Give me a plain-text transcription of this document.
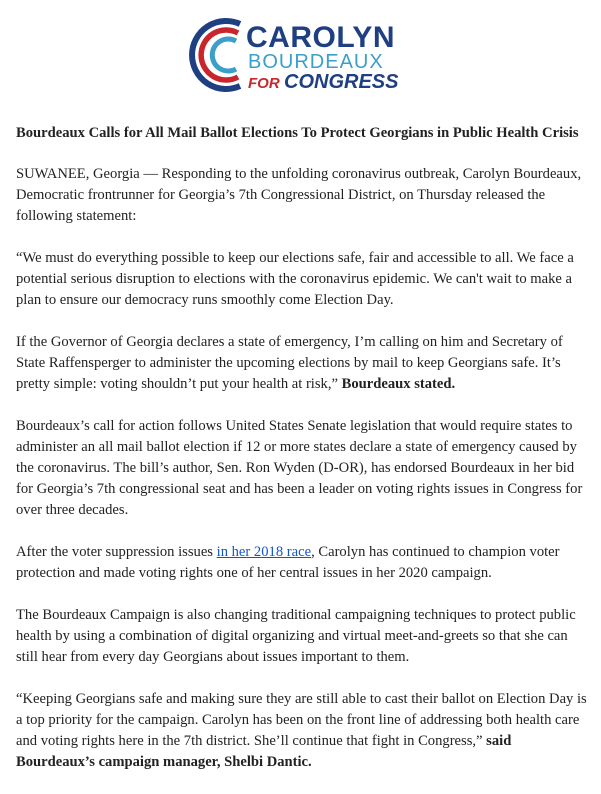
CAROLYN
BOURDEAUX
FOR CONGRESS
Bourdeaux Calls for All Mail Ballot Elections To Protect Georgians in Public Health Crisis

SUWANEE, Georgia — Responding to the unfolding coronavirus outbreak, Carolyn Bourdeaux, Democratic frontrunner for Georgia’s 7th Congressional District, on Thursday released the following statement:

“We must do everything possible to keep our elections safe, fair and accessible to all. We face a potential serious disruption to elections with the coronavirus epidemic. We can't wait to make a plan to ensure our democracy runs smoothly come Election Day.

If the Governor of Georgia declares a state of emergency, I’m calling on him and Secretary of State Raffensperger to administer the upcoming elections by mail to keep Georgians safe. It’s pretty simple: voting shouldn’t put your health at risk,” Bourdeaux stated.

Bourdeaux’s call for action follows United States Senate legislation that would require states to administer an all mail ballot election if 12 or more states declare a state of emergency caused by the coronavirus. The bill’s author, Sen. Ron Wyden (D-OR), has endorsed Bourdeaux in her bid for Georgia’s 7th congressional seat and has been a leader on voting rights issues in Congress for over three decades.

After the voter suppression issues in her 2018 race, Carolyn has continued to champion voter protection and made voting rights one of her central issues in her 2020 campaign.

The Bourdeaux Campaign is also changing traditional campaigning techniques to protect public health by using a combination of digital organizing and virtual meet-and-greets so that she can still hear from every day Georgians about issues important to them.

“Keeping Georgians safe and making sure they are still able to cast their ballot on Election Day is a top priority for the campaign. Carolyn has been on the front line of addressing both health care and voting rights here in the 7th district. She’ll continue that fight in Congress,” said Bourdeaux’s campaign manager, Shelbi Dantic.
